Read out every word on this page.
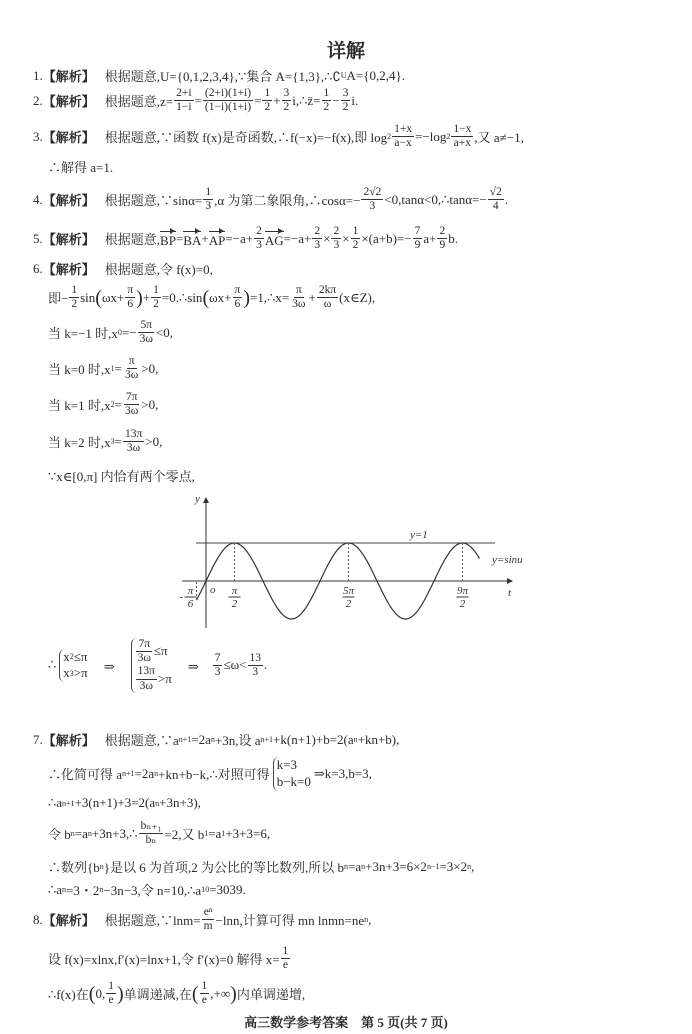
详解
1. 【解析】 根据题意,U={0,1,2,3,4},∵集合 A={1,3},∴∁ U A={0,2,4}.
2. 【解析】 根据题意$,z= \frac{2+i}{1-i} = \frac{(2+i)(1+i)}{(1-i)(1+i)} = \frac{1}{2} + \frac{3}{2}$ i,∴z̄= $\frac{1}{2} - \frac{3}{2} i$.
3. 【解析】 根据题意,∵函数 f(x)是奇函数,∴f(−x)=−f(x),即 $\log 2 \frac{1+x}{a-x} =-\log$ $2 \frac{1-x}{a+x}$ ,又 a≠−1,
∴解得 a=1.
4. 【解析】 根据题意,∵sinα= $\frac{1}{3} ,\alpha$ 为第二象限角,∴cosα=− $\frac{2√2}{3}$ <0,tanα<0,∴tanα=− $\frac{√2}{4}$ .
5. 【解析】 根据题意, BP = BA + AP $=-a+ \frac{2}{3}$ AG $=-a+ \frac{2}{3} \times \frac{2}{3} \times \frac{1}{2} \times(a+b)=- \frac{7}{9} a+ \frac{2}{9} b$.
6. 【解析】 根据题意,令 f(x)=0,
即− $\frac{1}{2}$ sin ( $\omega x+ \frac{\pi}{6}$ ) + $\frac{1}{2}$ =0.∴sin ( $\omega x+ \frac{\pi}{6}$ ) =1,∴x= $\frac{\pi}{3\omega} + \frac{2k\pi}{\omega}$ (x∈Z),
当 k=−1 时,x $0 =- \frac{5\pi}{3\omega} <0$,
当 k=0 时,x $1 = \frac{\pi}{3\omega} >0$,
当 k=1 时,x $2 = \frac{7\pi}{3\omega} >0$,
当 k=2 时,x $3 = \frac{13\pi}{3\omega} >0$,
∵x∈[0,π] 内恰有两个零点,
π
2
5π
2
9π
2
π
6
-
y
t
o
y=1
y=sinu
∴
x 2 ≤π
x 3 >π 　⇒　
$\frac{7\pi}{3\omega} \le\pi$
$\frac{13\pi}{3\omega} >\pi$
　⇒　 $\frac{7}{3} \le\omega< \frac{13}{3}$ .
7. 【解析】 根据题意,∵a n+1 =2a n +3n,设 a n+1 +k(n+1)+b=2(a n +kn+b),
∴化简可得 a n+1 =2a n +kn+b−k,∴对照可得
k=3
b−k=0
⇒k=3,b=3,
∴a n+1 +3(n+1)+3=2(a n +3n+3),
令 b n =a n +3n+3,∴ $\frac{\text{bₙ₊₁}}{\text{bₙ}} =2$,又 b 1 =a 1 +3+3=6,
∴数列{b n }是以 6 为首项,2 为公比的等比数列,所以 b n =a n +3n+3=6×2 n−1 =3×2 n ,
∴a n =3・2 n −3n−3,令 n=10,∴a 10 =3039.
8. 【解析】 根据题意,∵lnm= $\frac{\text{eⁿ}}{m} -\ln n$,计算可得 mn lnmn=ne n ,
设 f(x)=xlnx,f′(x)=lnx+1,令 f′(x)=0 解得 $x= \frac{1}{e}$
∴f(x)在 ( 0, $\frac{1}{e}$ ) 单调递减,在 ( $\frac{1}{e}$ ,+∞ ) 内单调递增,
高三数学参考答案　第 5 页(共 7 页)
